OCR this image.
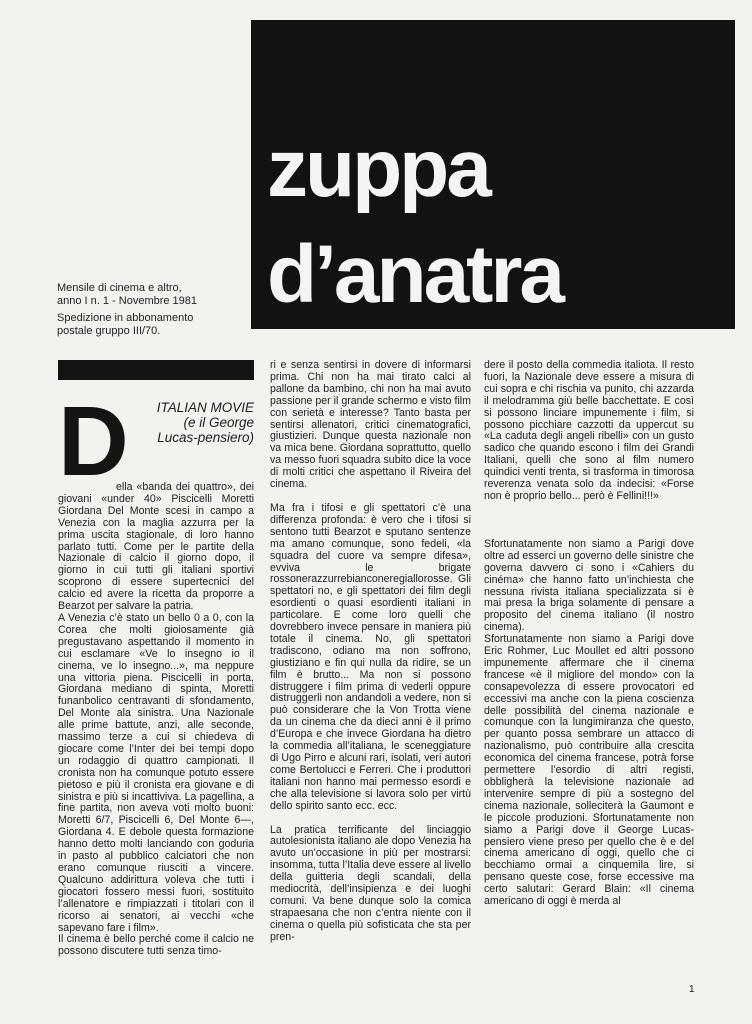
zuppa
d’anatra
Mensile di cinema e altro,
anno I n. 1 - Novembre 1981
Spedizione in abbonamento
postale gruppo III/70.
D	ITALIAN MOVIE
(e il George
Lucas-pensiero)

ella «banda dei quattro», dei giovani «under 40» Piscicelli Moretti Giordana Del Monte scesi in campo a Venezia con la maglia azzurra per la prima uscita stagionale, di loro hanno parlato tutti. Come per le partite della Nazionale di calcio il giorno dopo, il giorno in cui tutti gli italiani sportivi scoprono di essere supertecnici del calcio ed avere la ricetta da proporre a Bearzot per salvare la patria.

A Venezia c’è stato un bello 0 a 0, con la Corea che molti gioiosamente già pregustavano aspettando il momento in cui esclamare «Ve lo insegno io il cinema, ve lo insegno...», ma neppure una vittoria piena. Piscicelli in porta, Giordana mediano di spinta, Moretti funanbolico centravanti di sfondamento, Del Monte ala sinistra. Una Nazionale alle prime battute, anzi, alle seconde, massimo terze a cui si chiedeva di giocare come l’Inter dei bei tempi dopo un rodaggio di quattro campionati. Il cronista non ha comunque potuto essere pietoso e più il cronista era giovane e di sinistra e più si incattiviva. La pagellina, a fine partita, non aveva voti molto buoni: Moretti 6/7, Piscicelli 6, Del Monte 6—, Giordana 4. E debole questa formazione hanno detto molti lanciando con goduria in pasto al pubblico calciatori che non erano comunque riusciti a vincere. Qualcuno addirittura voleva che tutti i giocatori fossero messi fuori, sostituito l’allenatore e rimpiazzati i titolari con il ricorso ai senatori, ai vecchi «che sapevano fare i film».

Il cinema è bello perché come il calcio ne possono discutere tutti senza timo-

ri e senza sentirsi in dovere di informarsi prima. Chi non ha mai tirato calci al pallone da bambino, chi non ha mai avuto passione per il grande schermo e visto film con serietà e interesse? Tanto basta per sentirsi allenatori, critici cinematografici, giustizieri. Dunque questa nazionale non va mica bene. Giordana soprattutto, quello va messo fuori squadra subito dice la voce di molti critici che aspettano il Riveira del cinema.

Ma fra i tifosi e gli spettatori c’è una differenza profonda: è vero che i tifosi si sentono tutti Bearzot e sputano sentenze ma amano comunque, sono fedeli, «la squadra del cuore va sempre difesa», evviva le brigate rossonerazzurrebianconeregiallorosse. Gli spettatori no, e gli spettatori dei film degli esordienti o quasi esordienti italiani in particolare. E come loro quelli che dovrebbero invece pensare in maniera più totale il cinema. No, gli spettatori tradiscono, odiano ma non soffrono, giustiziano e fin qui nulla da ridire, se un film è brutto... Ma non si possono distruggere i film prima di vederli oppure distruggerli non andandoli a vedere, non si può considerare che la Von Trotta viene da un cinema che da dieci anni è il primo d’Europa e che invece Giordana ha dietro la commedia all’italiana, le sceneggiature di Ugo Pirro e alcuni rari, isolati, veri autori come Bertolucci e Ferreri. Che i produttori italiani non hanno mai permesso esordi e che alla televisione si lavora solo per virtù dello spirito santo ecc. ecc.

La pratica terrificante del linciaggio autolesionista italiano ale dopo Venezia ha avuto un’occasione in più per mostrarsi: insomma, tutta l’Italia deve essere al livello della guitteria degli scandali, della mediocrità, dell’insipienza e dei luoghi comuni. Va bene dunque solo la comica strapaesana che non c’entra niente con il cinema o quella più sofisticata che sta per pren-

dere il posto della commedia italiota. Il resto fuori, la Nazionale deve essere a misura di cui sopra e chi rischia va punito, chi azzarda il melodramma giù belle bacchettate. E così si possono linciare impunemente i film, si possono picchiare cazzotti da uppercut su «La caduta degli angeli ribelli» con un gusto sadico che quando escono i film dei Grandi Italiani, quelli che sono al film numero quindici venti trenta, si trasforma in timorosa reverenza venata solo da indecisi: «Forse non è proprio bello... però è Fellini!!!»

Sfortunatamente non siamo a Parigi dove oltre ad esserci un governo delle sinistre che governa davvero ci sono i «Cahiers du cinéma» che hanno fatto un’inchiesta che nessuna rivista italiana specializzata si è mai presa la briga solamente di pensare a proposito del cinema italiano (il nostro cinema).

Sfortunatamente non siamo a Parigi dove Eric Rohmer, Luc Moullet ed altri possono impunemente affermare che il cinema francese «è il migliore del mondo» con la consapevolezza di essere provocatori ed eccessivi ma anche con la piena coscienza delle possibilità del cinema nazionale e comunque con la lungimiranza che questo, per quanto possa sembrare un attacco di nazionalismo, può contribuire alla crescita economica del cinema francese, potrà forse permettere l’esordio di altri registi, obbligherà la televisione nazionale ad intervenire sempre di più a sostegno del cinema nazionale, solleciterà la Gaumont e le piccole produzioni. Sfortunatamente non siamo a Parigi dove il George Lucas-pensiero viene preso per quello che è e del cinema americano di oggi, quello che ci becchiamo ormai a cinquemila lire, si pensano queste cose, forse eccessive ma certo salutari: Gerard Blain: «Il cinema americano di oggi è merda al

1
